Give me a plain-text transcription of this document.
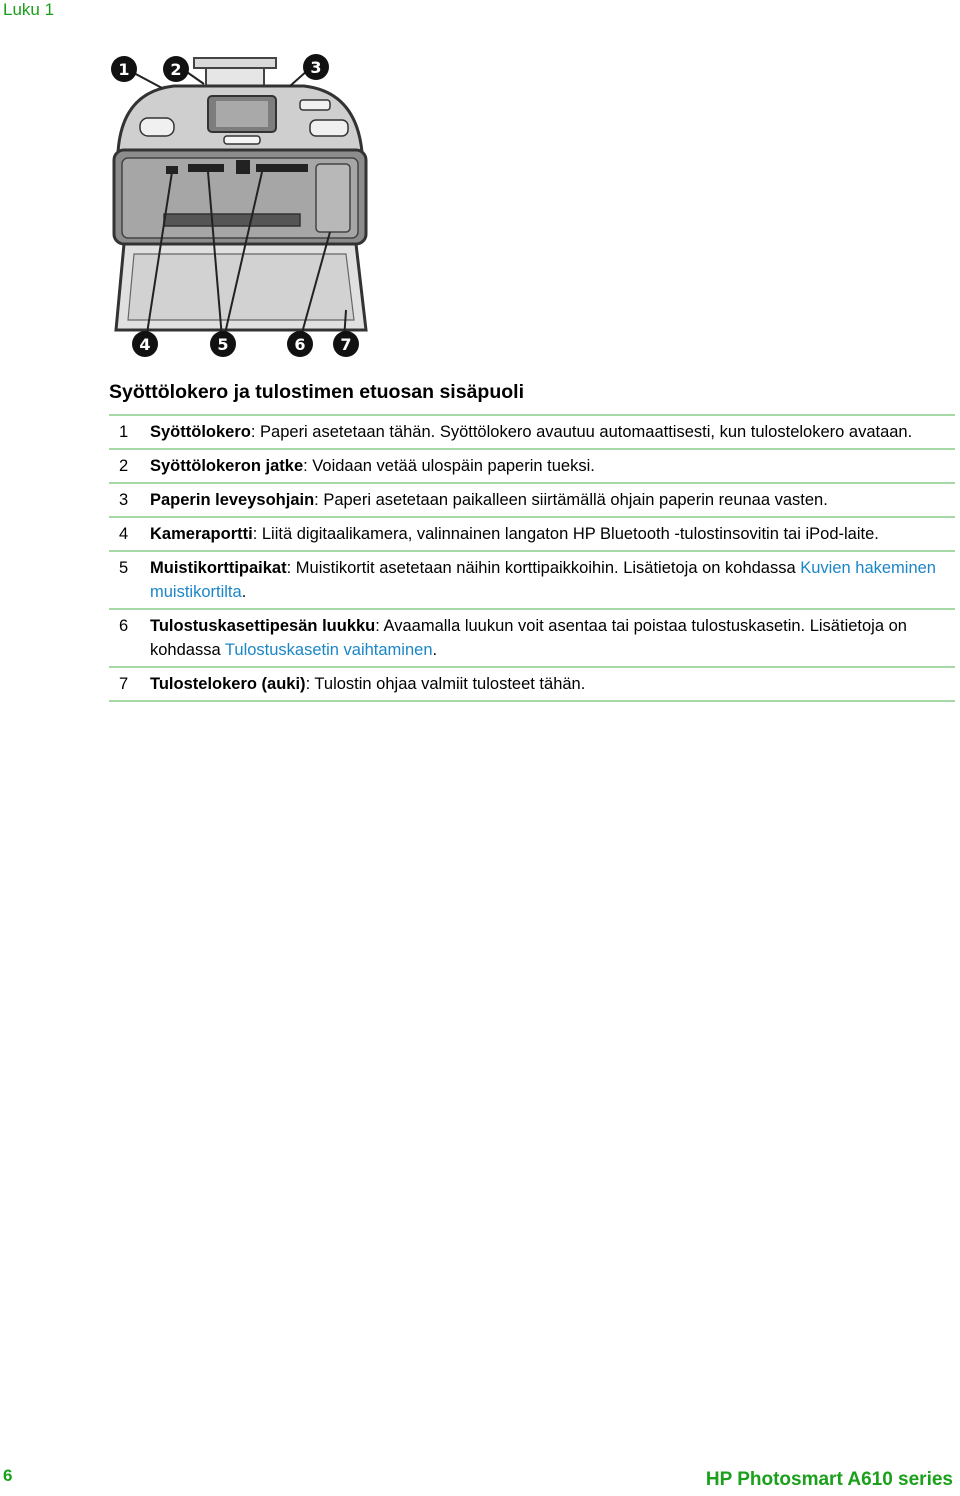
Luku 1
1	2	3
4	5	6 7
Syöttölokero ja tulostimen etuosan sisäpuoli
1	Syöttölokero: Paperi asetetaan tähän. Syöttölokero avautuu automaattisesti, kun tulostelokero avataan.
2	Syöttölokeron jatke: Voidaan vetää ulospäin paperin tueksi.
3	Paperin leveysohjain: Paperi asetetaan paikalleen siirtämällä ohjain paperin reunaa vasten.
4	Kameraportti: Liitä digitaalikamera, valinnainen langaton HP Bluetooth -tulostinsovitin tai iPod-laite.
5	Muistikorttipaikat: Muistikortit asetetaan näihin korttipaikkoihin. Lisätietoja on kohdassa Kuvien hakeminen muistikortilta.
6	Tulostuskasettipesän luukku: Avaamalla luukun voit asentaa tai poistaa tulostuskasetin. Lisätietoja on kohdassa Tulostuskasetin vaihtaminen.
7	Tulostelokero (auki): Tulostin ohjaa valmiit tulosteet tähän.
6	HP Photosmart A610 series
